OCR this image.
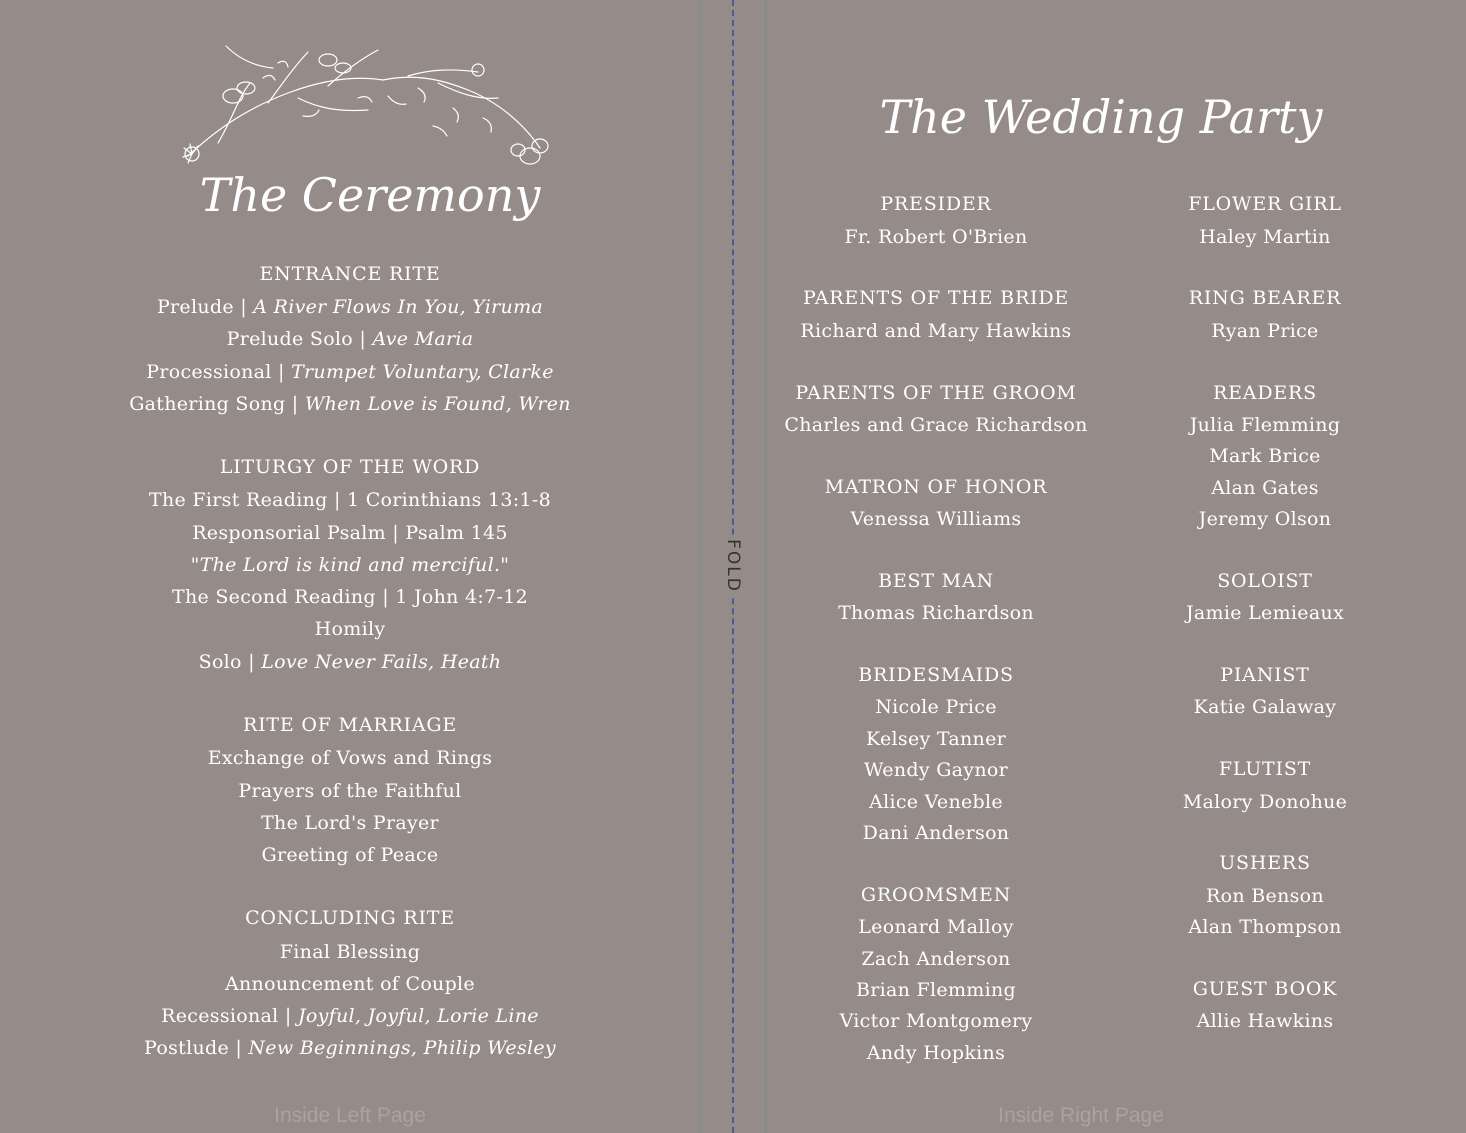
The Ceremony
ENTRANCE RITE
Prelude | A River Flows In You, Yiruma
Prelude Solo | Ave Maria
Processional | Trumpet Voluntary, Clarke
Gathering Song | When Love is Found, Wren
LITURGY OF THE WORD
The First Reading | 1 Corinthians 13:1-8
Responsorial Psalm | Psalm 145
"The Lord is kind and merciful."
The Second Reading | 1 John 4:7-12
Homily
Solo | Love Never Fails, Heath
RITE OF MARRIAGE
Exchange of Vows and Rings
Prayers of the Faithful
The Lord's Prayer
Greeting of Peace
CONCLUDING RITE
Final Blessing
Announcement of Couple
Recessional | Joyful, Joyful, Lorie Line
Postlude | New Beginnings, Philip Wesley
Inside Left Page
FOLD
The Wedding Party
PRESIDER
Fr. Robert O'Brien
PARENTS OF THE BRIDE
Richard and Mary Hawkins
PARENTS OF THE GROOM
Charles and Grace Richardson
MATRON OF HONOR
Venessa Williams
BEST MAN
Thomas Richardson
BRIDESMAIDS
Nicole Price
Kelsey Tanner
Wendy Gaynor
Alice Veneble
Dani Anderson
GROOMSMEN
Leonard Malloy
Zach Anderson
Brian Flemming
Victor Montgomery
Andy Hopkins
FLOWER GIRL
Haley Martin
RING BEARER
Ryan Price
READERS
Julia Flemming
Mark Brice
Alan Gates
Jeremy Olson
SOLOIST
Jamie Lemieaux
PIANIST
Katie Galaway
FLUTIST
Malory Donohue
USHERS
Ron Benson
Alan Thompson
GUEST BOOK
Allie Hawkins
Inside Right Page
